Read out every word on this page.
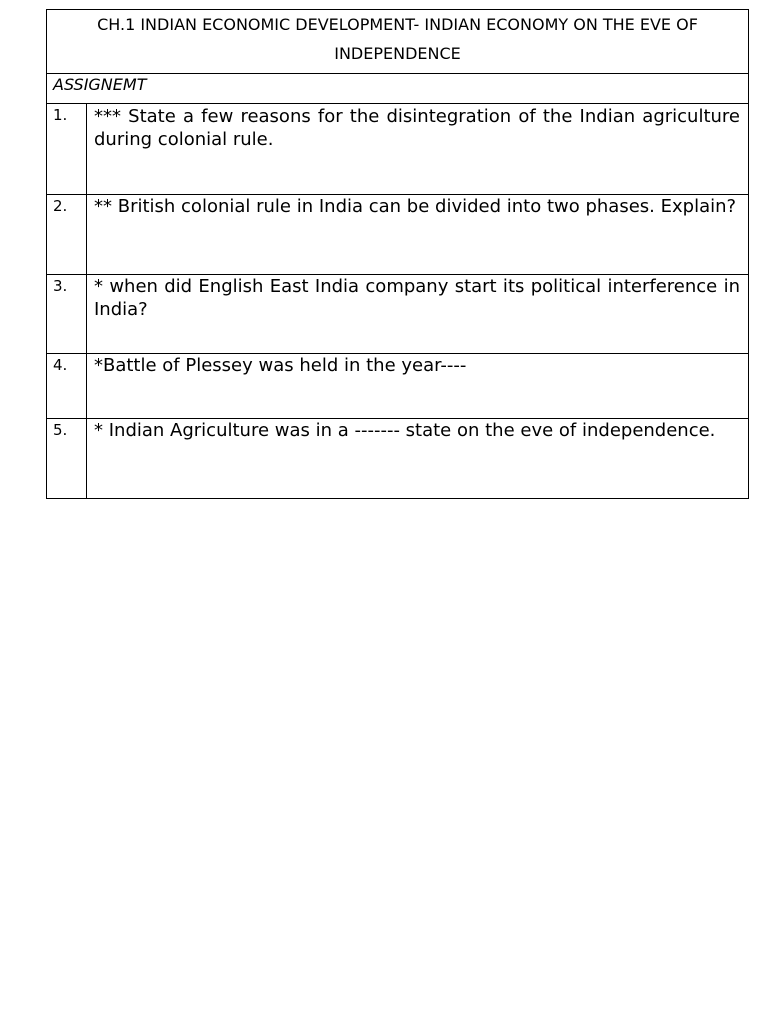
CH.1 INDIAN ECONOMIC DEVELOPMENT- INDIAN ECONOMY ON THE EVE OF
INDEPENDENCE
ASSIGNEMT
1.	*** State a few reasons for the disintegration of the Indian agriculture during colonial rule.
2.	** British colonial rule in India can be divided into two phases. Explain?
3.	* when did English East India company start its political interference in India?
4.	*Battle of Plessey was held in the year----
5.	* Indian Agriculture was in a ------- state on the eve of independence.
